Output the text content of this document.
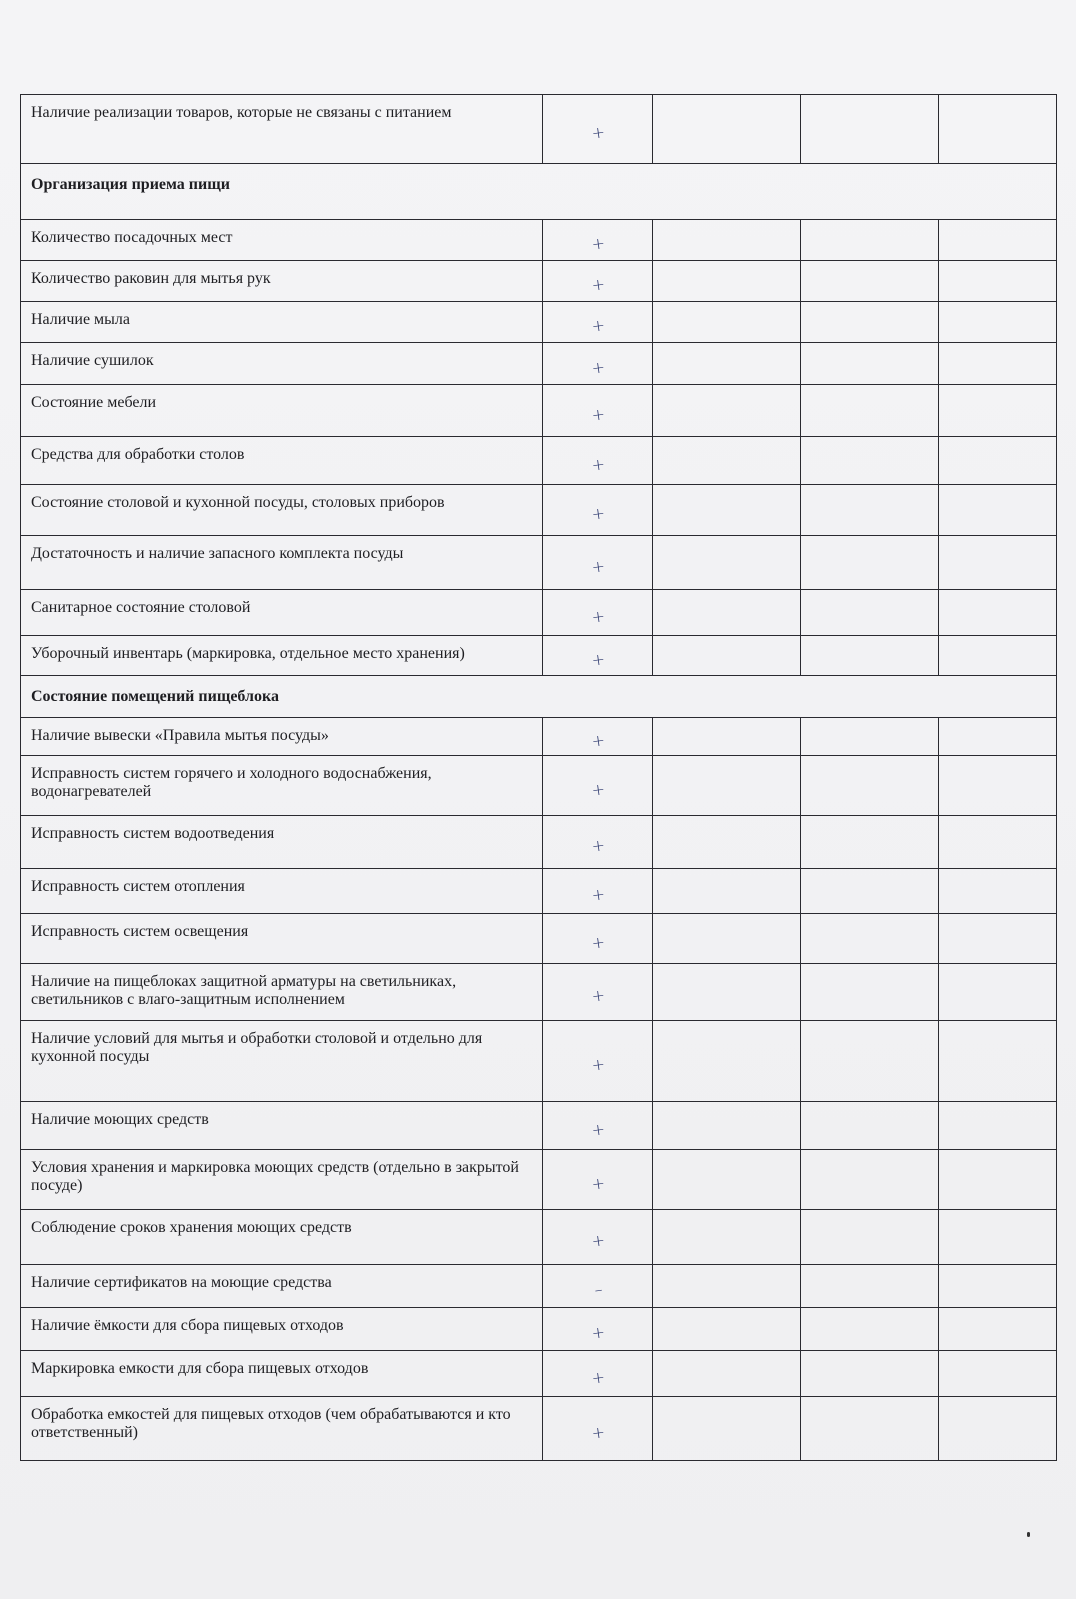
Наличие реализации товаров, которые не связаны с питанием	+			
Организация приема пищи				
Количество посадочных мест	+			
Количество раковин для мытья рук	+			
Наличие мыла	+			
Наличие сушилок	+			
Состояние мебели	+			
Средства для обработки столов	+			
Состояние столовой и кухонной посуды, столовых приборов	+			
Достаточность и наличие запасного комплекта посуды	+			
Санитарное состояние столовой	+			
Уборочный инвентарь (маркировка, отдельное место хранения)	+			
Состояние помещений пищеблока				
Наличие вывески «Правила мытья посуды»	+			
Исправность систем горячего и холодного водоснабжения, водонагревателей	+			
Исправность систем водоотведения	+			
Исправность систем отопления	+			
Исправность систем освещения	+			
Наличие на пищеблоках защитной арматуры на светильниках, светильников с влаго-защитным исполнением	+			
Наличие условий для мытья и обработки столовой и отдельно для кухонной посуды	+			
Наличие моющих средств	+			
Условия хранения и маркировка моющих средств (отдельно в закрытой посуде)	+			
Соблюдение сроков хранения моющих средств	+			
Наличие сертификатов на моющие средства	–			
Наличие ёмкости для сбора пищевых отходов	+			
Маркировка емкости для сбора пищевых отходов	+			
Обработка емкостей для пищевых отходов (чем обрабатываются и кто ответственный)	+			
